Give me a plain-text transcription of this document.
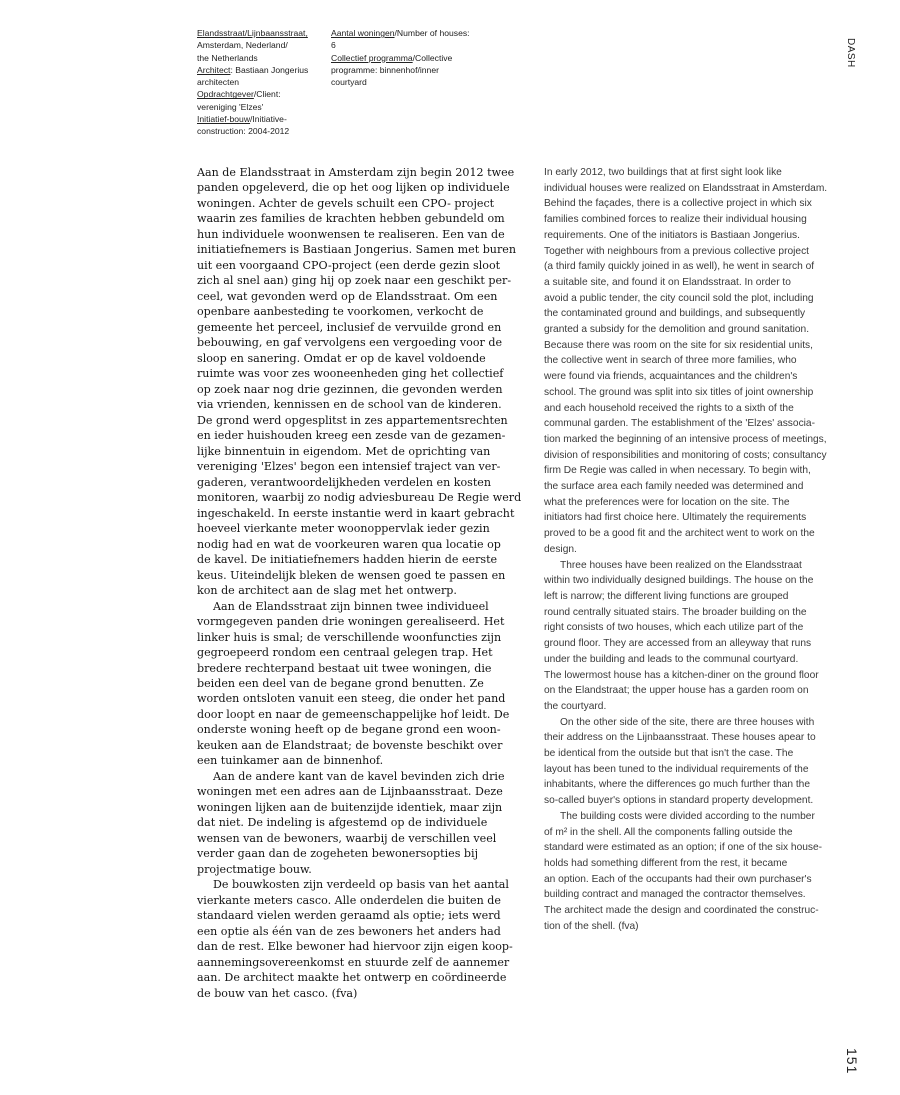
Elandsstraat/Lijnbaansstraat,
Amsterdam, Nederland/
the Netherlands
Architect: Bastiaan Jongerius
architecten
Opdrachtgever/Client:
vereniging 'Elzes'
Initiatief-bouw/Initiative-
construction: 2004-2012
Aantal woningen/Number of houses:
6
Collectief programma/Collective
programme: binnenhof/inner
courtyard
DASH
Aan de Elandsstraat in Amsterdam zijn begin 2012 twee
panden opgeleverd, die op het oog lijken op individuele
woningen. Achter de gevels schuilt een CPO- project
waarin zes families de krachten hebben gebundeld om
hun individuele woonwensen te realiseren. Een van de
initiatiefnemers is Bastiaan Jongerius. Samen met buren
uit een voorgaand CPO-project (een derde gezin sloot
zich al snel aan) ging hij op zoek naar een geschikt per-
ceel, wat gevonden werd op de Elandsstraat. Om een
openbare aanbesteding te voorkomen, verkocht de
gemeente het perceel, inclusief de vervuilde grond en
bebouwing, en gaf vervolgens een vergoeding voor de
sloop en sanering. Omdat er op de kavel voldoende
ruimte was voor zes wooneenheden ging het collectief
op zoek naar nog drie gezinnen, die gevonden werden
via vrienden, kennissen en de school van de kinderen.
De grond werd opgesplitst in zes appartementsrechten
en ieder huishouden kreeg een zesde van de gezamen-
lijke binnentuin in eigendom. Met de oprichting van
vereniging 'Elzes' begon een intensief traject van ver-
gaderen, verantwoordelijkheden verdelen en kosten
monitoren, waarbij zo nodig adviesbureau De Regie werd
ingeschakeld. In eerste instantie werd in kaart gebracht
hoeveel vierkante meter woonoppervlak ieder gezin
nodig had en wat de voorkeuren waren qua locatie op
de kavel. De initiatiefnemers hadden hierin de eerste
keus. Uiteindelijk bleken de wensen goed te passen en
kon de architect aan de slag met het ontwerp.
Aan de Elandsstraat zijn binnen twee individueel
vormgegeven panden drie woningen gerealiseerd. Het
linker huis is smal; de verschillende woonfuncties zijn
gegroepeerd rondom een centraal gelegen trap. Het
bredere rechterpand bestaat uit twee woningen, die
beiden een deel van de begane grond benutten. Ze
worden ontsloten vanuit een steeg, die onder het pand
door loopt en naar de gemeenschappelijke hof leidt. De
onderste woning heeft op de begane grond een woon-
keuken aan de Elandstraat; de bovenste beschikt over
een tuinkamer aan de binnenhof.
Aan de andere kant van de kavel bevinden zich drie
woningen met een adres aan de Lijnbaansstraat. Deze
woningen lijken aan de buitenzijde identiek, maar zijn
dat niet. De indeling is afgestemd op de individuele
wensen van de bewoners, waarbij de verschillen veel
verder gaan dan de zogeheten bewonersopties bij
projectmatige bouw.
De bouwkosten zijn verdeeld op basis van het aantal
vierkante meters casco. Alle onderdelen die buiten de
standaard vielen werden geraamd als optie; iets werd
een optie als één van de zes bewoners het anders had
dan de rest. Elke bewoner had hiervoor zijn eigen koop-
aannemingsovereenkomst en stuurde zelf de aannemer
aan. De architect maakte het ontwerp en coördineerde
de bouw van het casco. (fva)
In early 2012, two buildings that at first sight look like
individual houses were realized on Elandsstraat in Amsterdam.
Behind the façades, there is a collective project in which six
families combined forces to realize their individual housing
requirements. One of the initiators is Bastiaan Jongerius.
Together with neighbours from a previous collective project
(a third family quickly joined in as well), he went in search of
a suitable site, and found it on Elandsstraat. In order to
avoid a public tender, the city council sold the plot, including
the contaminated ground and buildings, and subsequently
granted a subsidy for the demolition and ground sanitation.
Because there was room on the site for six residential units,
the collective went in search of three more families, who
were found via friends, acquaintances and the children's
school. The ground was split into six titles of joint ownership
and each household received the rights to a sixth of the
communal garden. The establishment of the 'Elzes' associa-
tion marked the beginning of an intensive process of meetings,
division of responsibilities and monitoring of costs; consultancy
firm De Regie was called in when necessary. To begin with,
the surface area each family needed was determined and
what the preferences were for location on the site. The
initiators had first choice here. Ultimately the requirements
proved to be a good fit and the architect went to work on the
design.
Three houses have been realized on the Elandsstraat
within two individually designed buildings. The house on the
left is narrow; the different living functions are grouped
round centrally situated stairs. The broader building on the
right consists of two houses, which each utilize part of the
ground floor. They are accessed from an alleyway that runs
under the building and leads to the communal courtyard.
The lowermost house has a kitchen-diner on the ground floor
on the Elandstraat; the upper house has a garden room on
the courtyard.
On the other side of the site, there are three houses with
their address on the Lijnbaansstraat. These houses apear to
be identical from the outside but that isn't the case. The
layout has been tuned to the individual requirements of the
inhabitants, where the differences go much further than the
so-called buyer's options in standard property development.
The building costs were divided according to the number
of m² in the shell. All the components falling outside the
standard were estimated as an option; if one of the six house-
holds had something different from the rest, it became
an option. Each of the occupants had their own purchaser's
building contract and managed the contractor themselves.
The architect made the design and coordinated the construc-
tion of the shell. (fva)
151
